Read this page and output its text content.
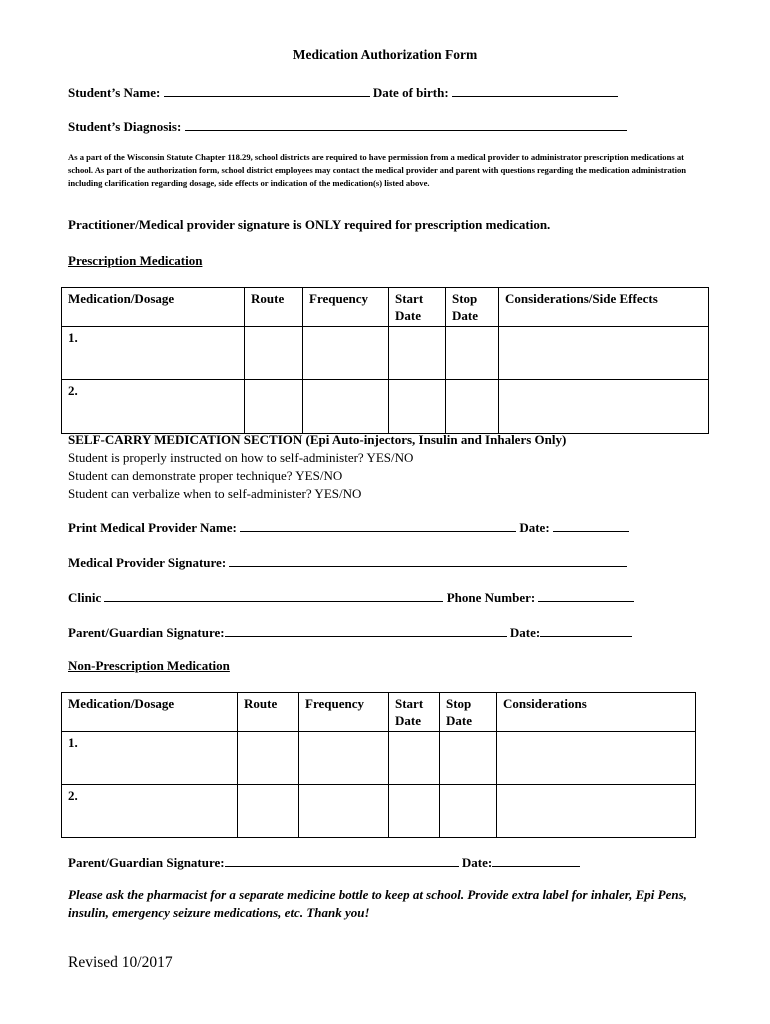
Medication Authorization Form
Student’s Name:	Date of birth:
Student’s Diagnosis:
As a part of the Wisconsin Statute Chapter 118.29, school districts are required to have permission from a medical provider to administrator prescription medications at school. As part of the authorization form, school district employees may contact the medical provider and parent with questions regarding the medication administration including clarification regarding dosage, side effects or indication of the medication(s) listed above.
Practitioner/Medical provider signature is ONLY required for prescription medication.
Prescription Medication
Medication/Dosage	Route	Frequency	Start Date	Stop Date	Considerations/Side Effects
1.					
2.					
SELF-CARRY MEDICATION SECTION (Epi Auto-injectors, Insulin and Inhalers Only)
Student is properly instructed on how to self-administer? YES/NO
Student can demonstrate proper technique? YES/NO
Student can verbalize when to self-administer? YES/NO
Print Medical Provider Name:	Date:
Medical Provider Signature:
Clinic	Phone Number:
Parent/Guardian Signature:	Date:
Non-Prescription Medication
Medication/Dosage	Route	Frequency	Start Date	Stop Date	Considerations
1.					
2.					
Parent/Guardian Signature:	Date:
Please ask the pharmacist for a separate medicine bottle to keep at school. Provide extra label for inhaler, Epi Pens, insulin, emergency seizure medications, etc. Thank you!
Revised 10/2017
